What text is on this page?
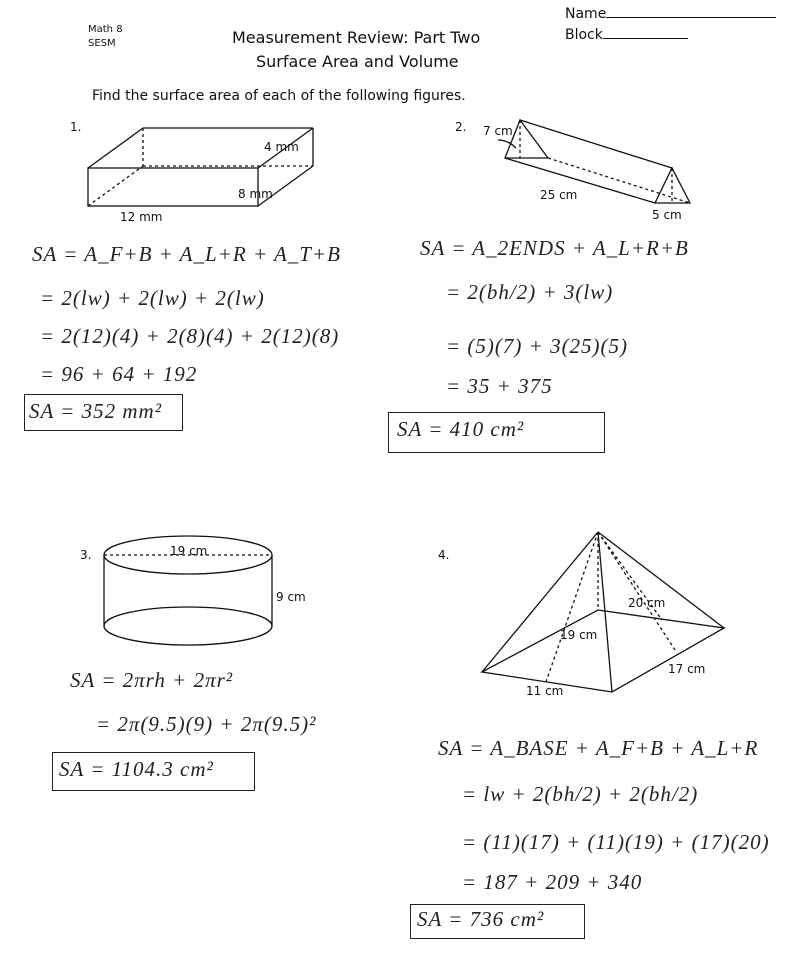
Math 8
SESM	Measurement Review: Part Two
Surface Area and Volume
Name
Block
Find the surface area of each of the following figures.
1.
4 mm
8 mm
12 mm
2. 7 cm
25 cm
5 cm
3.	19 cm
9 cm
4.
19 cm
20 cm
11 cm
17 cm
SA = A_F+B + A_L+R + A_T+B
= 2(lw) + 2(lw) + 2(lw)
= 2(12)(4) + 2(8)(4) + 2(12)(8)
= 96 + 64 + 192
SA = 352 mm²
SA = A_2ENDS + A_L+R+B
= 2(bh/2) + 3(lw)
= (5)(7) + 3(25)(5)
= 35 + 375
SA = 410 cm²
SA = 2πrh + 2πr²
= 2π(9.5)(9) + 2π(9.5)²
SA = 1104.3 cm²
SA = A_BASE + A_F+B + A_L+R
= lw + 2(bh/2) + 2(bh/2)
= (11)(17) + (11)(19) + (17)(20)
= 187 + 209 + 340
SA = 736 cm²
